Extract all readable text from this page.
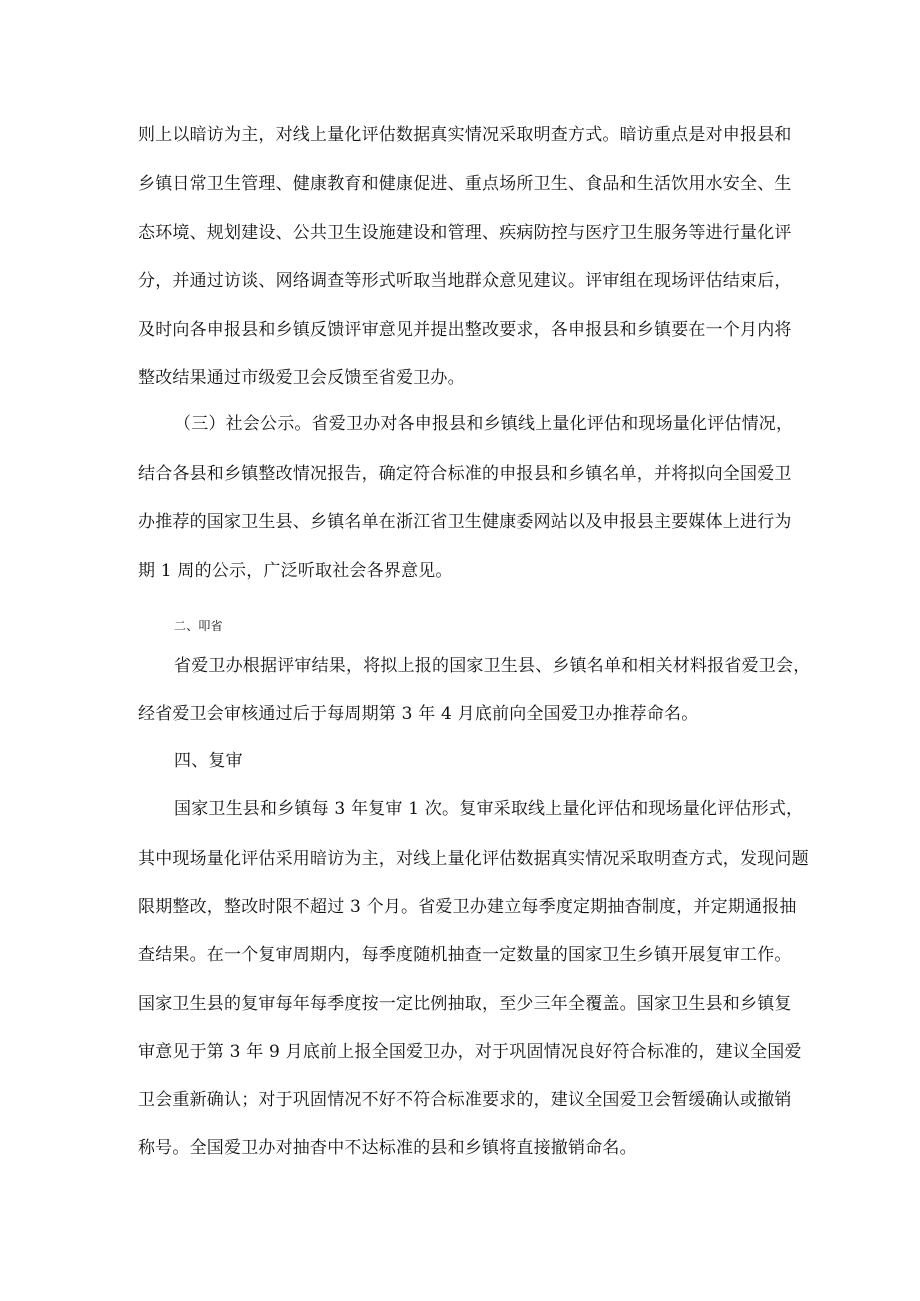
则上以暗访为主，对线上量化评估数据真实情况采取明查方式。暗访重点是对申报县和
乡镇日常卫生管理、健康教育和健康促进、重点场所卫生、食品和生活饮用水安全、生
态环境、规划建设、公共卫生设施建设和管理、疾病防控与医疗卫生服务等进行量化评
分，并通过访谈、网络调查等形式听取当地群众意见建议。评审组在现场评估结束后，
及时向各申报县和乡镇反馈评审意见并提出整改要求，各申报县和乡镇要在一个月内将
整改结果通过市级爱卫会反馈至省爱卫办。
（三）社会公示。省爱卫办对各申报县和乡镇线上量化评估和现场量化评估情况，
结合各县和乡镇整改情况报告，确定符合标准的申报县和乡镇名单，并将拟向全国爱卫
办推荐的国家卫生县、乡镇名单在浙江省卫生健康委网站以及申报县主要媒体上进行为
期 1 周的公示，广泛听取社会各界意见。
二、叩省
省爱卫办根据评审结果，将拟上报的国家卫生县、乡镇名单和相关材料报省爱卫会，
经省爱卫会审核通过后于每周期第 3 年 4 月底前向全国爱卫办推荐命名。
四、复审
国家卫生县和乡镇每 3 年复审 1 次。复审采取线上量化评估和现场量化评估形式，
其中现场量化评估采用暗访为主，对线上量化评估数据真实情况采取明查方式，发现问题
限期整改，整改时限不超过 3 个月。省爱卫办建立每季度定期抽杳制度，并定期通报抽
查结果。在一个复审周期内，每季度随机抽查一定数量的国家卫生乡镇开展复审工作。
国家卫生县的复审每年每季度按一定比例抽取，至少三年全覆盖。国家卫生县和乡镇复
审意见于第 3 年 9 月底前上报全国爱卫办，对于巩固情况良好符合标准的，建议全国爱
卫会重新确认；对于巩固情况不好不符合标准要求的，建议全国爱卫会暂缓确认或撤销
称号。全国爱卫办对抽杳中不达标准的县和乡镇将直接撤销命名。
